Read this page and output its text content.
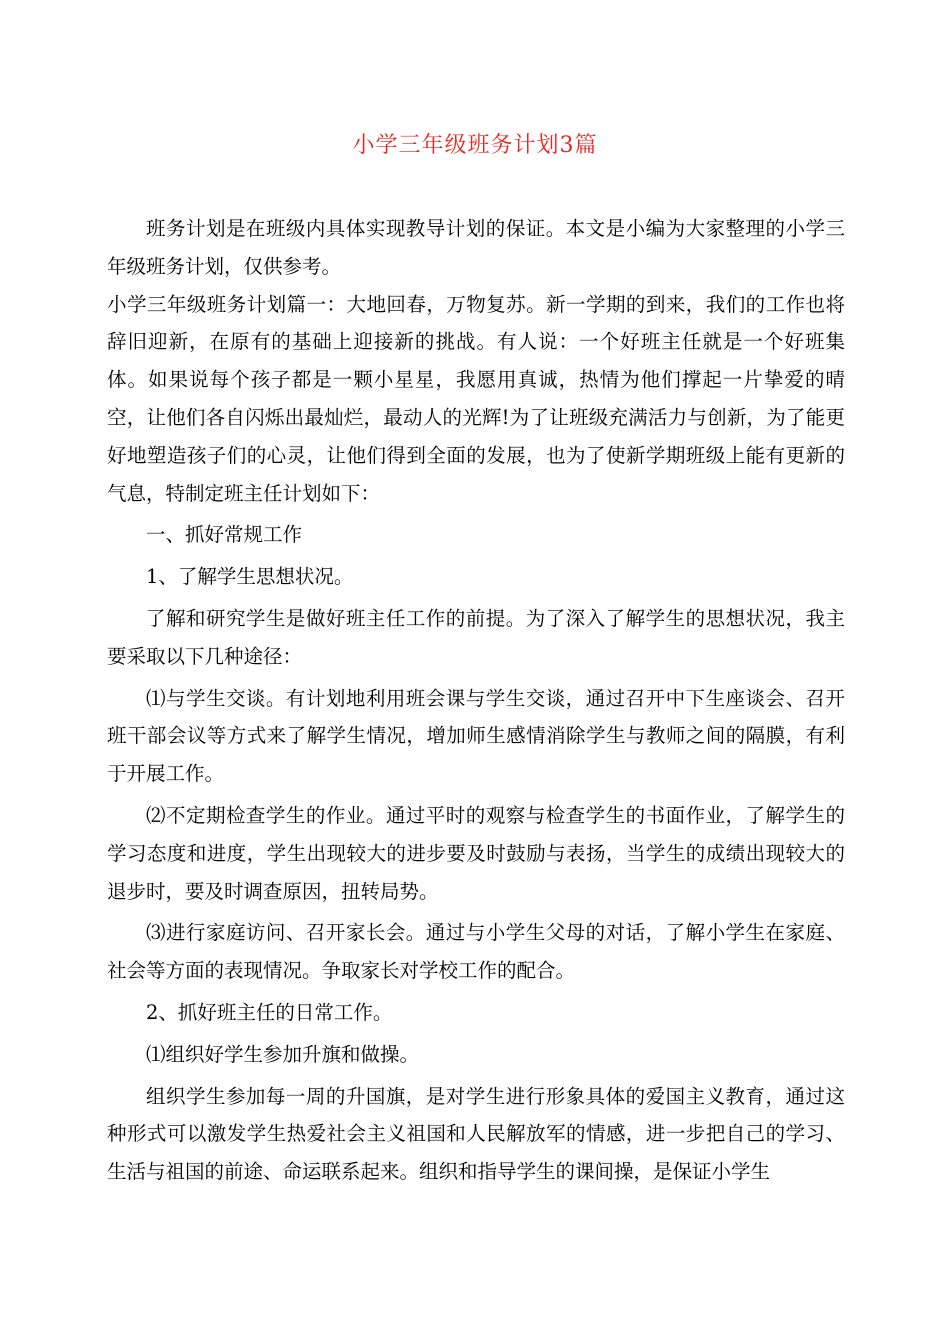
小学三年级班务计划3篇

班务计划是在班级内具体实现教导计划的保证。本文是小编为大家整理的小学三年级班务计划，仅供参考。

小学三年级班务计划篇一：大地回春，万物复苏。新一学期的到来，我们的工作也将辞旧迎新，在原有的基础上迎接新的挑战。有人说：一个好班主任就是一个好班集体。如果说每个孩子都是一颗小星星，我愿用真诚，热情为他们撑起一片挚爱的晴空，让他们各自闪烁出最灿烂，最动人的光辉!为了让班级充满活力与创新，为了能更好地塑造孩子们的心灵，让他们得到全面的发展，也为了使新学期班级上能有更新的气息，特制定班主任计划如下：

一、抓好常规工作

1、了解学生思想状况。

了解和研究学生是做好班主任工作的前提。为了深入了解学生的思想状况，我主要采取以下几种途径：

⑴与学生交谈。有计划地利用班会课与学生交谈，通过召开中下生座谈会、召开班干部会议等方式来了解学生情况，增加师生感情消除学生与教师之间的隔膜，有利于开展工作。

⑵不定期检查学生的作业。通过平时的观察与检查学生的书面作业，了解学生的学习态度和进度，学生出现较大的进步要及时鼓励与表扬，当学生的成绩出现较大的退步时，要及时调查原因，扭转局势。

⑶进行家庭访问、召开家长会。通过与小学生父母的对话，了解小学生在家庭、社会等方面的表现情况。争取家长对学校工作的配合。

2、抓好班主任的日常工作。

⑴组织好学生参加升旗和做操。

组织学生参加每一周的升国旗，是对学生进行形象具体的爱国主义教育，通过这种形式可以激发学生热爱社会主义祖国和人民解放军的情感，进一步把自己的学习、生活与祖国的前途、命运联系起来。组织和指导学生的课间操，是保证小学生
